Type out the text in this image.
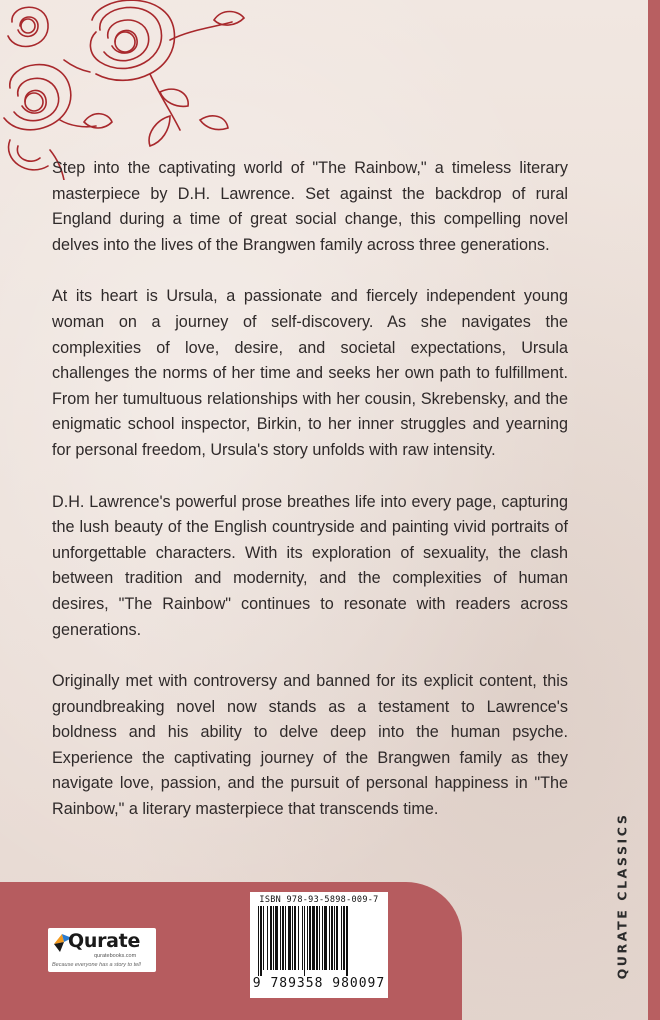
Step into the captivating world of "The Rainbow," a timeless literary masterpiece by D.H. Lawrence. Set against the backdrop of rural England during a time of great social change, this compelling novel delves into the lives of the Brangwen family across three generations.

At its heart is Ursula, a passionate and fiercely independent young woman on a journey of self-discovery. As she navigates the complexities of love, desire, and societal expectations, Ursula challenges the norms of her time and seeks her own path to fulfillment. From her tumultuous relationships with her cousin, Skrebensky, and the enigmatic school inspector, Birkin, to her inner struggles and yearning for personal freedom, Ursula's story unfolds with raw intensity.

D.H. Lawrence's powerful prose breathes life into every page, capturing the lush beauty of the English countryside and painting vivid portraits of unforgettable characters. With its exploration of sexuality, the clash between tradition and modernity, and the complexities of human desires, "The Rainbow" continues to resonate with readers across generations.

Originally met with controversy and banned for its explicit content, this groundbreaking novel now stands as a testament to Lawrence's boldness and his ability to delve deep into the human psyche. Experience the captivating journey of the Brangwen family as they navigate love, passion, and the pursuit of personal happiness in "The Rainbow," a literary masterpiece that transcends time.

Qurate
quratebooks.com
Because everyone has a story to tell
ISBN 978-93-5898-009-7
9 789358 980097
QURATE CLASSICS
